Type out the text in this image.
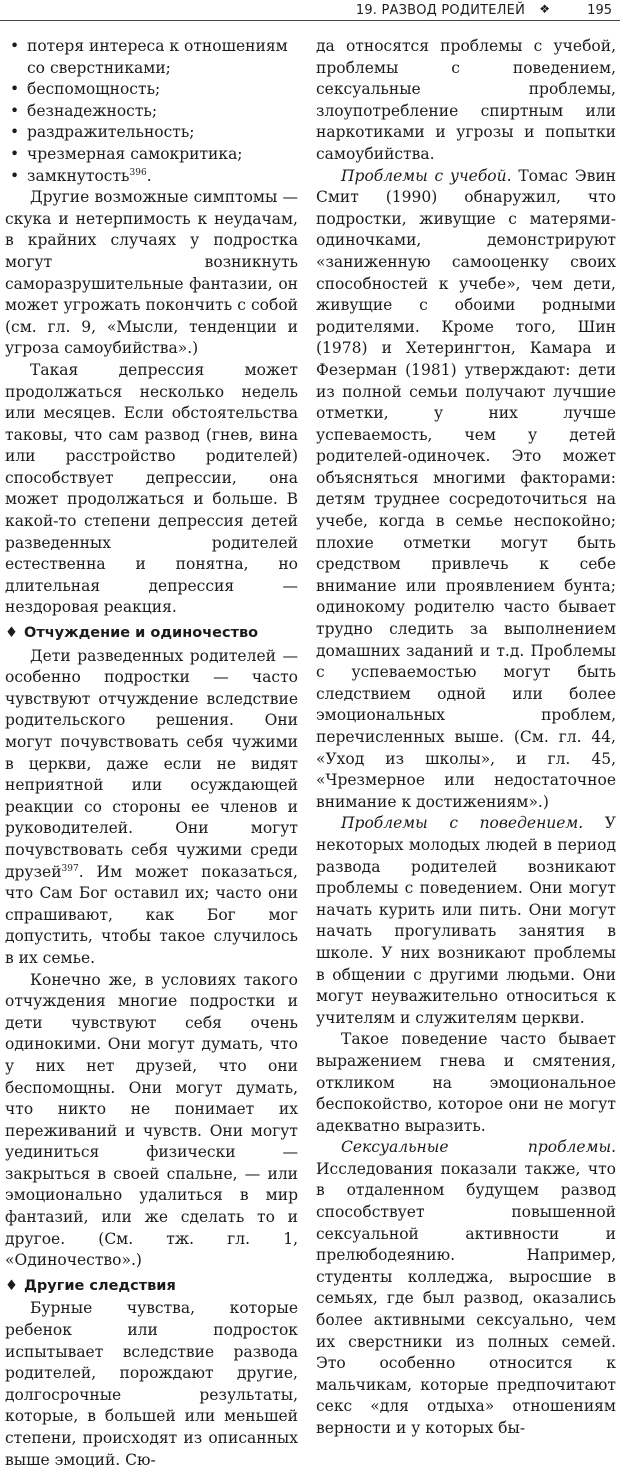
19. РАЗВОД РОДИТЕЛЕЙ ❖	195
• потеря интереса к отношениям со сверстниками;
• беспомощность;
• безнадежность;
• раздражительность;
• чрезмерная самокритика;
• замкнутость$^{396}$.

Другие возможные симптомы — скука и нетерпимость к неудачам, в крайних случаях у подростка могут возникнуть саморазрушительные фантазии, он может угрожать покончить с собой (см. гл. 9, «Мысли, тенденции и угроза самоубийства».)

Такая депрессия может продолжаться несколько недель или месяцев. Если обстоятельства таковы, что сам развод (гнев, вина или расстройство родителей) способствует депрессии, она может продолжаться и больше. В какой-то степени депрессия детей разведенных родителей естественна и понятна, но длительная депрессия — нездоровая реакция.

♦ Отчуждение и одиночество

Дети разведенных родителей — особенно подростки — часто чувствуют отчуждение вследствие родительского решения. Они могут почувствовать себя чужими в церкви, даже если не видят неприятной или осуждающей реакции со стороны ее членов и руководителей. Они могут почувствовать себя чужими среди друзей$^{397}$. Им может показаться, что Сам Бог оставил их; часто они спрашивают, как Бог мог допустить, чтобы такое случилось в их семье.

Конечно же, в условиях такого отчуждения многие подростки и дети чувствуют себя очень одинокими. Они могут думать, что у них нет друзей, что они беспомощны. Они могут думать, что никто не понимает их переживаний и чувств. Они могут уединиться физически — закрыться в своей спальне, — или эмоционально удалиться в мир фантазий, или же сделать то и другое. (См. тж. гл. 1, «Одиночество».)

♦ Другие следствия

Бурные чувства, которые ребенок или подросток испытывает вследствие развода родителей, порождают другие, долгосрочные результаты, которые, в большей или меньшей степени, происходят из описанных выше эмоций. Сю-

да относятся проблемы с учебой, проблемы с поведением, сексуальные проблемы, злоупотребление спиртным или наркотиками и угрозы и попытки самоубийства.

Проблемы с учебой. Томас Эвин Смит (1990) обнаружил, что подростки, живущие с матерями-одиночками, демонстрируют «заниженную самооценку своих способностей к учебе», чем дети, живущие с обоими родными родителями. Кроме того, Шин (1978) и Хетерингтон, Камара и Фезерман (1981) утверждают: дети из полной семьи получают лучшие отметки, у них лучше успеваемость, чем у детей родителей-одиночек. Это может объясняться многими факторами: детям труднее сосредоточиться на учебе, когда в семье неспокойно; плохие отметки могут быть средством привлечь к себе внимание или проявлением бунта; одинокому родителю часто бывает трудно следить за выполнением домашних заданий и т.д. Проблемы с успеваемостью могут быть следствием одной или более эмоциональных проблем, перечисленных выше. (См. гл. 44, «Уход из школы», и гл. 45, «Чрезмерное или недостаточное внимание к достижениям».)

Проблемы с поведением. У некоторых молодых людей в период развода родителей возникают проблемы с поведением. Они могут начать курить или пить. Они могут начать прогуливать занятия в школе. У них возникают проблемы в общении с другими людьми. Они могут неуважительно относиться к учителям и служителям церкви.

Такое поведение часто бывает выражением гнева и смятения, откликом на эмоциональное беспокойство, которое они не могут адекватно выразить.

Сексуальные проблемы. Исследования показали также, что в отдаленном будущем развод способствует повышенной сексуальной активности и прелюбодеянию. Например, студенты колледжа, выросшие в семьях, где был развод, оказались более активными сексуально, чем их сверстники из полных семей. Это особенно относится к мальчикам, которые предпочитают секс «для отдыха» отношениям верности и у которых бы-
